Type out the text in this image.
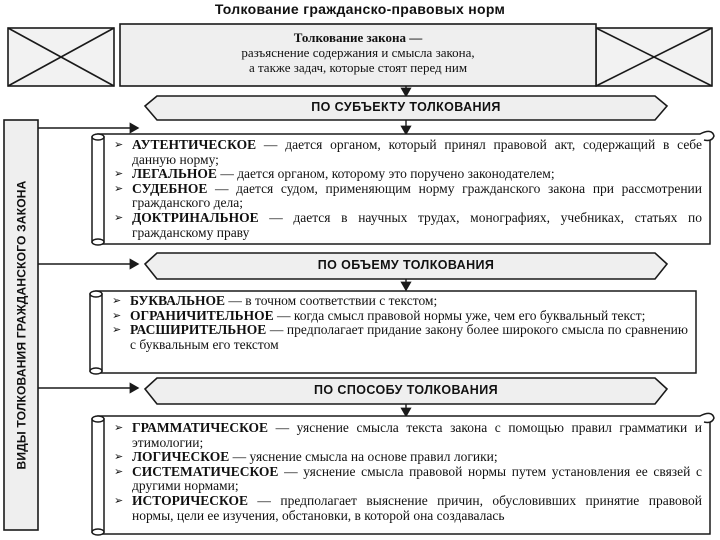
Толкование гражданско-правовых норм
Толкование закона —
разъяснение содержания и смысла закона,
а также задач, которые стоят перед ним
ВИДЫ ТОЛКОВАНИЯ ГРАЖДАНСКОГО ЗАКОНА
ПО СУБЪЕКТУ ТОЛКОВАНИЯ
ПО ОБЪЕМУ ТОЛКОВАНИЯ
ПО СПОСОБУ ТОЛКОВАНИЯ
➢ АУТЕНТИЧЕСКОЕ — дается органом, который принял правовой акт, содержащий в себе данную норму;
➢ ЛЕГАЛЬНОЕ — дается органом, которому это поручено законодателем;
➢ СУДЕБНОЕ — дается судом, применяющим норму гражданского закона при рассмотрении гражданского дела;
➢ ДОКТРИНАЛЬНОЕ — дается в научных трудах, монографиях, учебниках, статьях по гражданскому праву
➢ БУКВАЛЬНОЕ — в точном соответствии с текстом;
➢ ОГРАНИЧИТЕЛЬНОЕ — когда смысл правовой нормы уже, чем его буквальный текст;
➢ РАСШИРИТЕЛЬНОЕ — предполагает придание закону более широкого смысла по сравнению с буквальным его текстом
➢ ГРАММАТИЧЕСКОЕ — уяснение смысла текста закона с помощью правил грамматики и этимологии;
➢ ЛОГИЧЕСКОЕ — уяснение смысла на основе правил логики;
➢ СИСТЕМАТИЧЕСКОЕ — уяснение смысла правовой нормы путем установления ее связей с другими нормами;
➢ ИСТОРИЧЕСКОЕ — предполагает выяснение причин, обусловивших принятие правовой нормы, цели ее изучения, обстановки, в которой она создавалась
